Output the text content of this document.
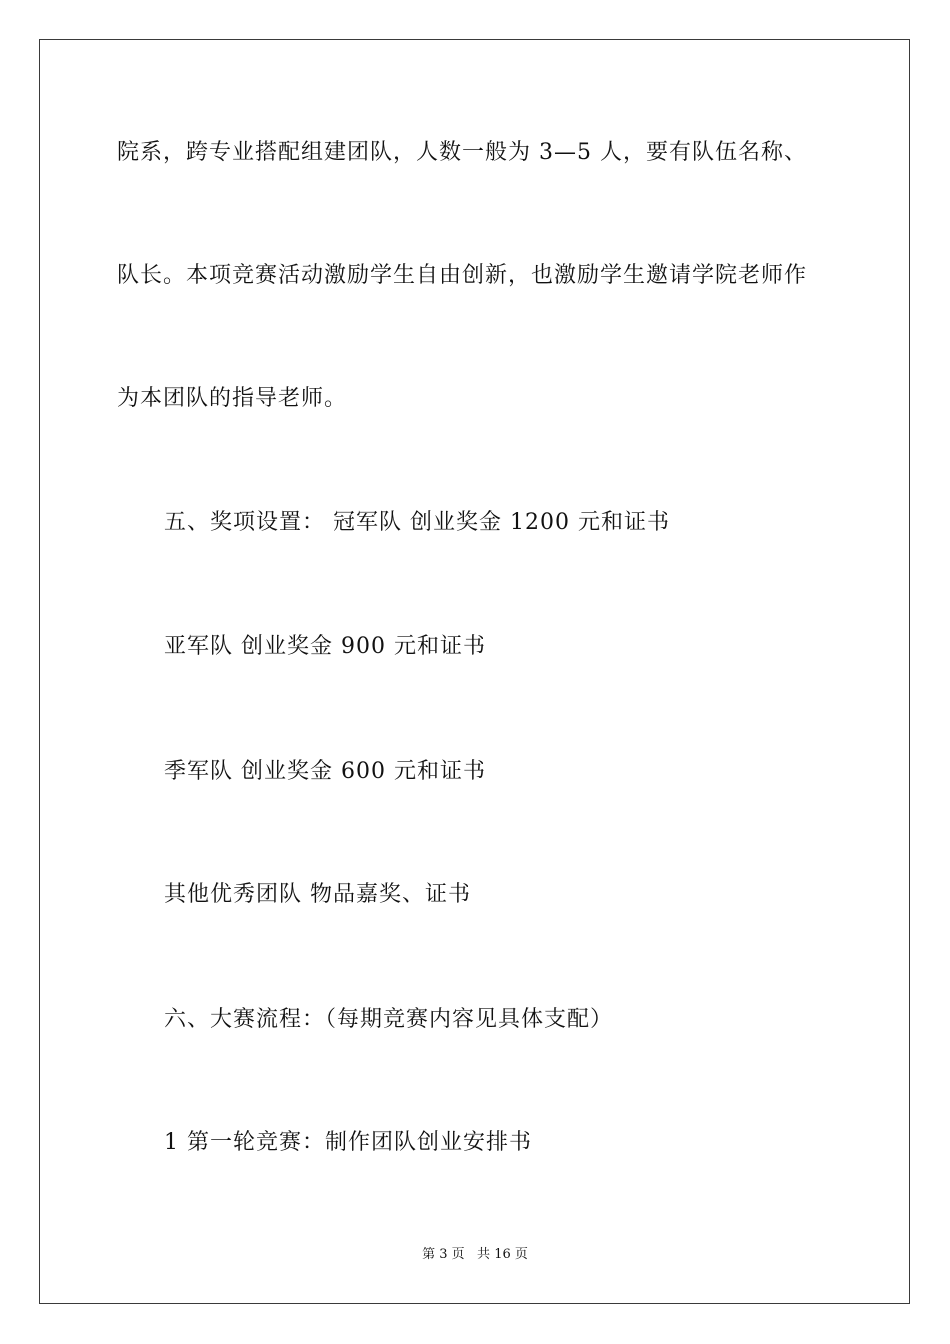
院系，跨专业搭配组建团队，人数一般为 3—5 人，要有队伍名称、
队长。本项竞赛活动激励学生自由创新，也激励学生邀请学院老师作
为本团队的指导老师。
五、奖项设置： 冠军队 创业奖金 1200 元和证书
亚军队 创业奖金 900 元和证书
季军队 创业奖金 600 元和证书
其他优秀团队 物品嘉奖、证书
六、大赛流程：（每期竞赛内容见具体支配）
1 第一轮竞赛：制作团队创业安排书
第 3 页   共 16 页
